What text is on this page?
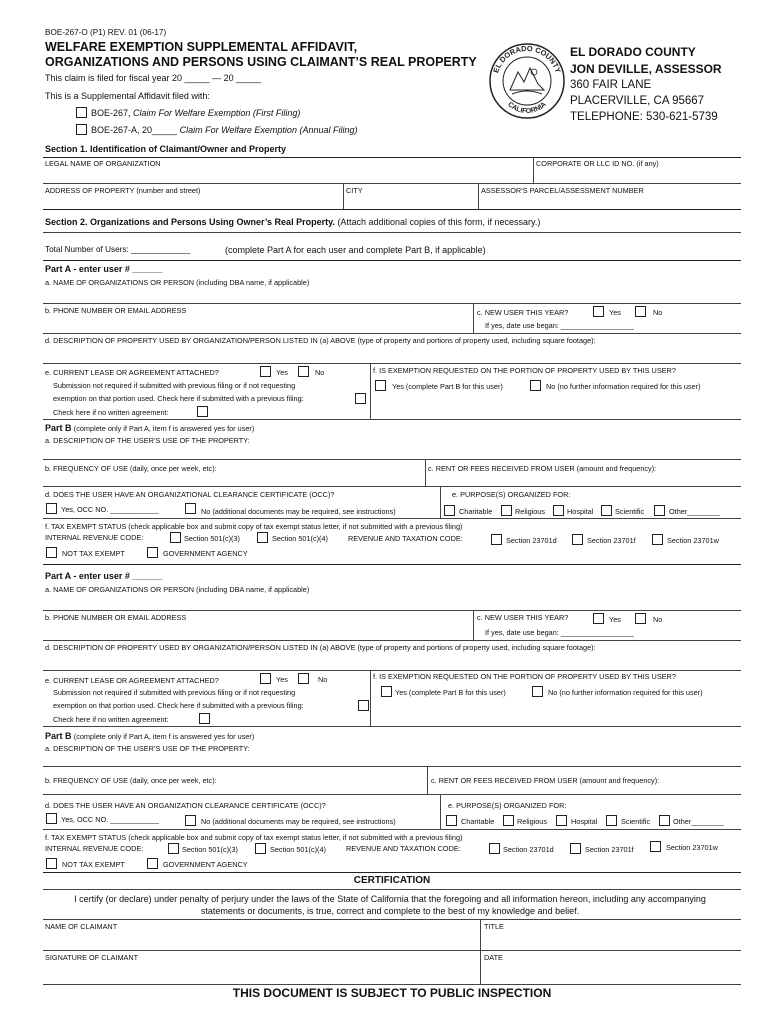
BOE-267-O (P1) REV. 01 (06-17)
WELFARE EXEMPTION SUPPLEMENTAL AFFIDAVIT,
ORGANIZATIONS AND PERSONS USING CLAIMANT’S REAL PROPERTY
This claim is filed for fiscal year 20 _____ — 20 _____
This is a Supplemental Affidavit filed with:
BOE-267, Claim For Welfare Exemption (First Filing)
BOE-267-A, 20_____ Claim For Welfare Exemption (Annual Filing)
EL DORADO COUNTY
CALIFORNIA
EL DORADO COUNTY
JON DEVILLE, ASSESSOR
360 FAIR LANE
PLACERVILLE, CA 95667
TELEPHONE: 530-621-5739
Section 1. Identification of Claimant/Owner and Property
LEGAL NAME OF ORGANIZATION	CORPORATE OR LLC ID NO. (if any)
ADDRESS OF PROPERTY (number and street)	CITY	ASSESSOR’S PARCEL/ASSESSMENT NUMBER
Section 2. Organizations and Persons Using Owner’s Real Property. (Attach additional copies of this form, if necessary.)
Total Number of Users: _____________	(complete Part A for each user and complete Part B, if applicable)
Part A - enter user # ______
a. NAME OF ORGANIZATIONS OR PERSON (including DBA name, if applicable)
b. PHONE NUMBER OR EMAIL ADDRESS	c. NEW USER THIS YEAR?	Yes	No
If yes, date use began: __________________
d. DESCRIPTION OF PROPERTY USED BY ORGANIZATION/PERSON LISTED IN (a) ABOVE (type of property and portions of property used, including square footage):
e. CURRENT LEASE OR AGREEMENT ATTACHED?	Yes	No
Submission not required if submitted with previous filing or if not requesting
exemption on that portion used. Check here if submitted with a previous filing:
Check here if no written agreement:
f. IS EXEMPTION REQUESTED ON THE PORTION OF PROPERTY USED BY THIS USER?
Yes (complete Part B for this user)	No (no further information required for this user)
Part B (complete only if Part A, item f is answered yes for user)
a. DESCRIPTION OF THE USER’S USE OF THE PROPERTY:
b. FREQUENCY OF USE (daily, once per week, etc):	c. RENT OR FEES RECEIVED FROM USER (amount and frequency):
d. DOES THE USER HAVE AN ORGANIZATIONAL CLEARANCE CERTIFICATE (OCC)?
Yes, OCC NO. ____________	No (additional documents may be required, see instructions)
e. PURPOSE(S) ORGANIZED FOR:
Charitable	Religious	Hospital	Scientific	Other________
f. TAX EXEMPT STATUS (check applicable box and submit copy of tax exempt status letter, if not submitted with a previous filing)
INTERNAL REVENUE CODE:	Section 501(c)(3)	Section 501(c)(4)	REVENUE AND TAXATION CODE:	Section 23701d	Section 23701f	Section 23701w
NOT TAX EXEMPT	GOVERNMENT AGENCY
Part A - enter user # ______
a. NAME OF ORGANIZATIONS OR PERSON (including DBA name, if applicable)
b. PHONE NUMBER OR EMAIL ADDRESS	c. NEW USER THIS YEAR?	Yes	No
If yes, date use began: __________________
d. DESCRIPTION OF PROPERTY USED BY ORGANIZATION/PERSON LISTED IN (a) ABOVE (type of property and portions of property used, including square footage):
e. CURRENT LEASE OR AGREEMENT ATTACHED?	Yes	No
Submission not required if submitted with previous filing or if not requesting
exemption on that portion used. Check here if submitted with a previous filing:
Check here if no written agreement:
f. IS EXEMPTION REQUESTED ON THE PORTION OF PROPERTY USED BY THIS USER?
Yes (complete Part B for this user)	No (no further information required for this user)
Part B (complete only if Part A, item f is answered yes for user)
a. DESCRIPTION OF THE USER’S USE OF THE PROPERTY:
b. FREQUENCY OF USE (daily, once per week, etc):	c. RENT OR FEES RECEIVED FROM USER (amount and frequency):
d. DOES THE USER HAVE AN ORGANIZATION CLEARANCE CERTIFICATE (OCC)?
Yes, OCC NO. ____________	No (additional documents may be required, see instructions)
e. PURPOSE(S) ORGANIZED FOR:
Charitable	Religious	Hospital	Scientific	Other________
f. TAX EXEMPT STATUS (check applicable box and submit copy of tax exempt status letter, if not submitted with a previous filing)
INTERNAL REVENUE CODE:	Section 501(c)(3)	Section 501(c)(4)	REVENUE AND TAXATION CODE:	Section 23701d	Section 23701f	Section 23701w
NOT TAX EXEMPT	GOVERNMENT AGENCY
CERTIFICATION
I certify (or declare) under penalty of perjury under the laws of the State of California that the foregoing and all information hereon, including any accompanying
statements or documents, is true, correct and complete to the best of my knowledge and belief.
NAME OF CLAIMANT	TITLE
SIGNATURE OF CLAIMANT	DATE
THIS DOCUMENT IS SUBJECT TO PUBLIC INSPECTION
